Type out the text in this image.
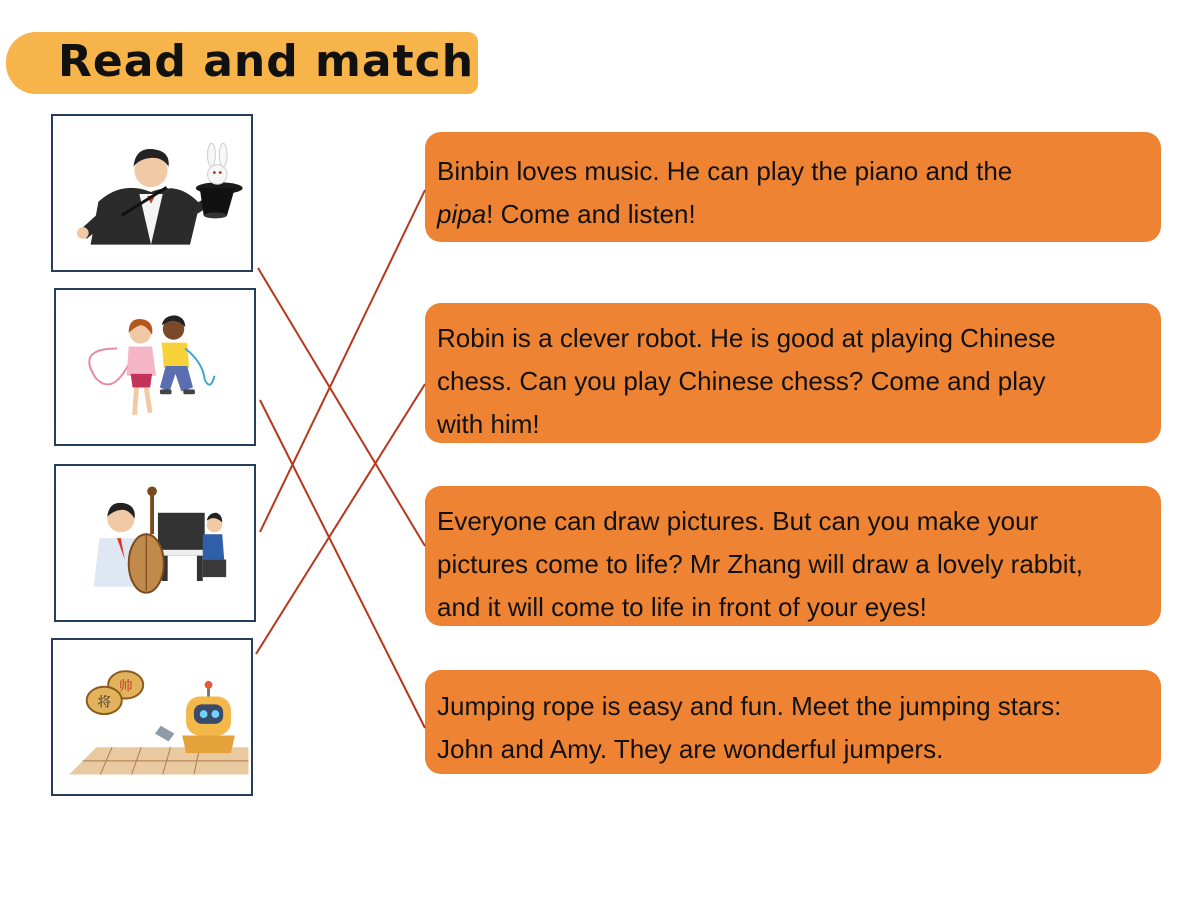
Read and match
帅
将
Binbin loves music. He can play the piano and the
pipa! Come and listen!
Robin is a clever robot. He is good at playing Chinese
chess. Can you play Chinese chess? Come and play
with him!
Everyone can draw pictures. But can you make your
pictures come to life? Mr Zhang will draw a lovely rabbit,
and it will come to life in front of your eyes!
Jumping rope is easy and fun. Meet the jumping stars:
John and Amy. They are wonderful jumpers.
